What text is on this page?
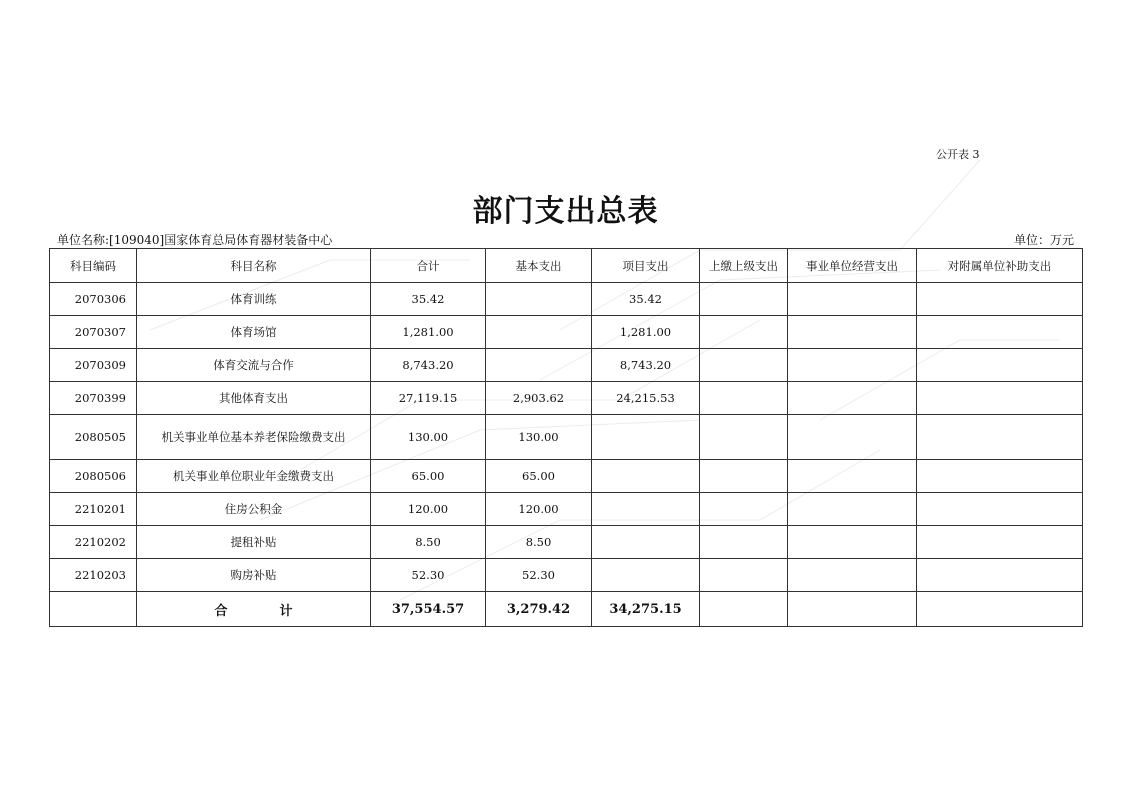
公开表 3
部门支出总表
单位名称:[109040]国家体育总局体育器材装备中心	单位：万元
科目编码	科目名称	合计	基本支出	项目支出	上缴上级支出	事业单位经营支出	对附属单位补助支出
2070306	体育训练	35.42		35.42			
2070307	体育场馆	1,281.00		1,281.00			
2070309	体育交流与合作	8,743.20		8,743.20			
2070399	其他体育支出	27,119.15	2,903.62	24,215.53			
2080505	机关事业单位基本养老保险缴费支出	130.00	130.00				
2080506	机关事业单位职业年金缴费支出	65.00	65.00				
2210201	住房公积金	120.00	120.00				
2210202	提租补贴	8.50	8.50				
2210203	购房补贴	52.30	52.30				
	合　　　　计	37,554.57	3,279.42	34,275.15			
